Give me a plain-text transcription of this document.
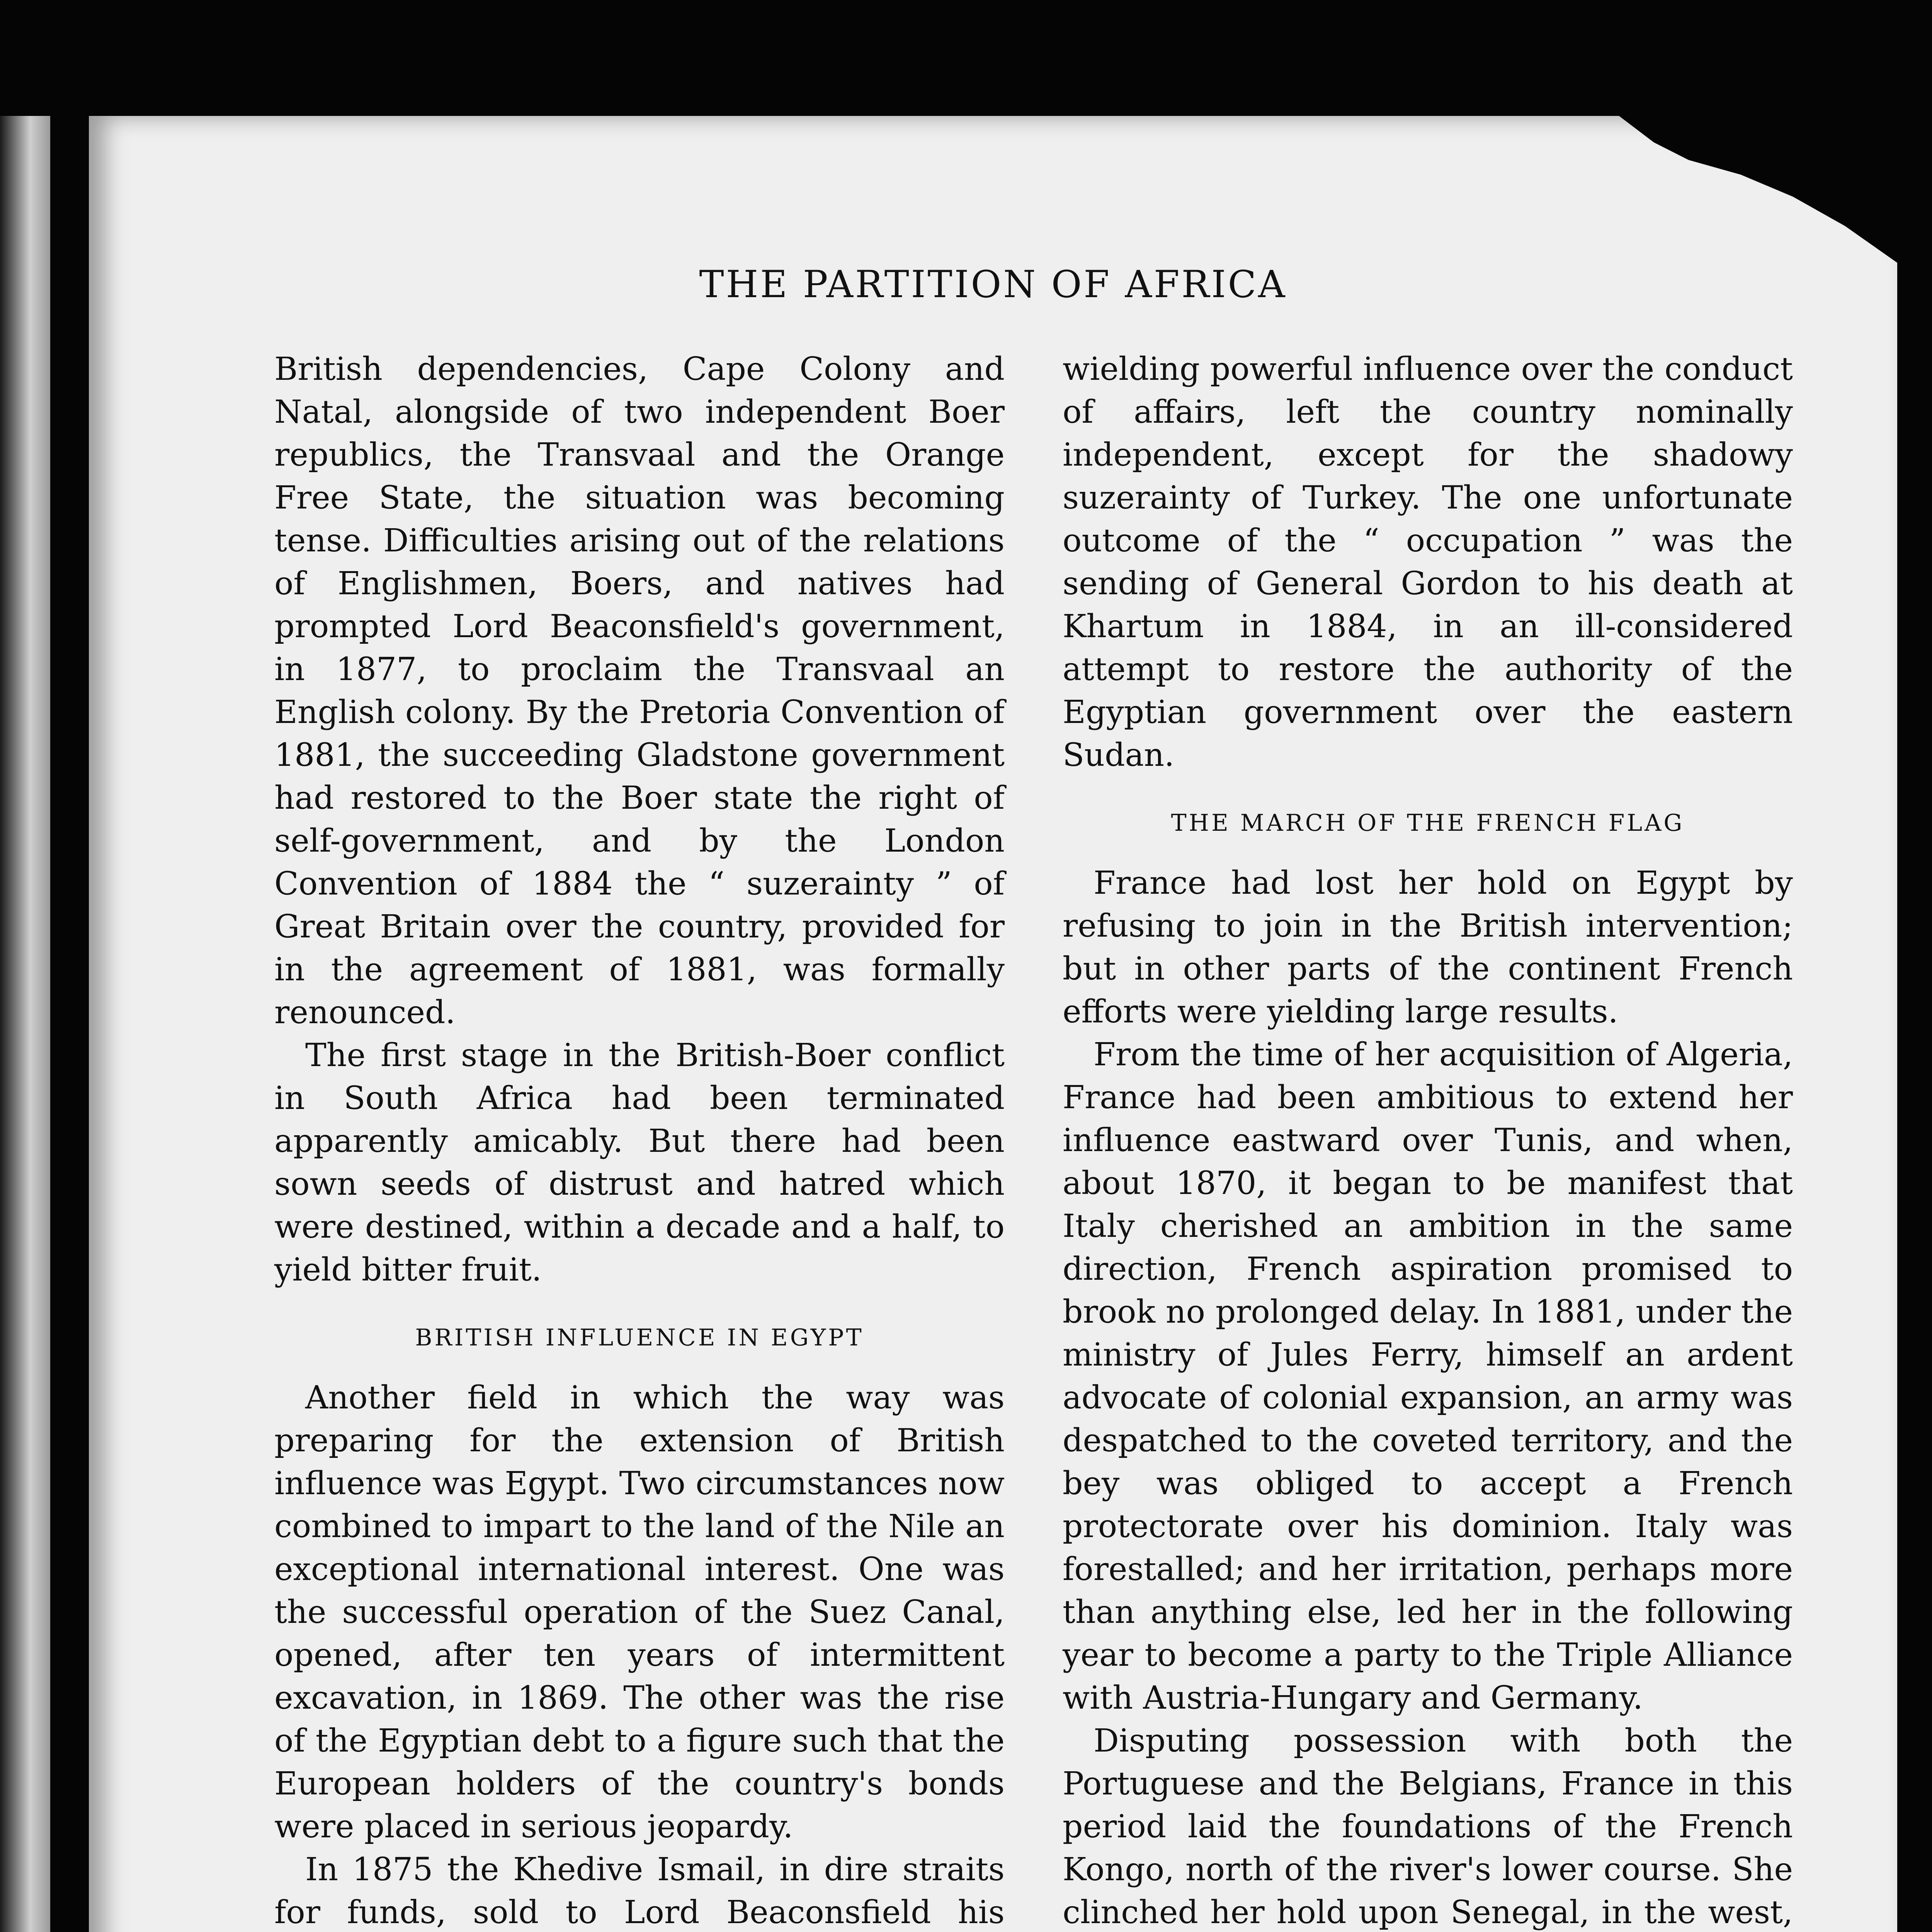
THE PARTITION OF AFRICA

British dependencies, Cape Colony and Natal, alongside of two independent Boer republics, the Transvaal and the Orange Free State, the situation was becoming tense. Difficulties arising out of the relations of Englishmen, Boers, and natives had prompted Lord Beaconsfield's government, in 1877, to proclaim the Transvaal an English colony. By the Pretoria Convention of 1881, the succeeding Gladstone government had restored to the Boer state the right of self-government, and by the London Convention of 1884 the “ suzerainty ” of Great Britain over the country, provided for in the agreement of 1881, was formally renounced.

The first stage in the British-Boer conflict in South Africa had been terminated apparently amicably. But there had been sown seeds of distrust and hatred which were destined, within a decade and a half, to yield bitter fruit.

BRITISH INFLUENCE IN EGYPT

Another field in which the way was preparing for the extension of British influence was Egypt. Two circumstances now combined to impart to the land of the Nile an exceptional international interest. One was the successful operation of the Suez Canal, opened, after ten years of intermittent excavation, in 1869. The other was the rise of the Egyptian debt to a figure such that the European holders of the country's bonds were placed in serious jeopardy.

In 1875 the Khedive Ismail, in dire straits for funds, sold to Lord Beaconsfield his

wielding powerful influence over the conduct of affairs, left the country nominally independent, except for the shadowy suzerainty of Turkey. The one unfortunate outcome of the “ occupation ” was the sending of General Gordon to his death at Khartum in 1884, in an ill-considered attempt to restore the authority of the Egyptian government over the eastern Sudan.

THE MARCH OF THE FRENCH FLAG

France had lost her hold on Egypt by refusing to join in the British intervention; but in other parts of the continent French efforts were yielding large results.

From the time of her acquisition of Algeria, France had been ambitious to extend her influence eastward over Tunis, and when, about 1870, it began to be manifest that Italy cherished an ambition in the same direction, French aspiration promised to brook no prolonged delay. In 1881, under the ministry of Jules Ferry, himself an ardent advocate of colonial expansion, an army was despatched to the coveted territory, and the bey was obliged to accept a French protectorate over his dominion. Italy was forestalled; and her irritation, perhaps more than anything else, led her in the following year to become a party to the Triple Alliance with Austria-Hungary and Germany.

Disputing possession with both the Portuguese and the Belgians, France in this period laid the foundations of the French Kongo, north of the river's lower course. She clinched her hold upon Senegal, in the west,
